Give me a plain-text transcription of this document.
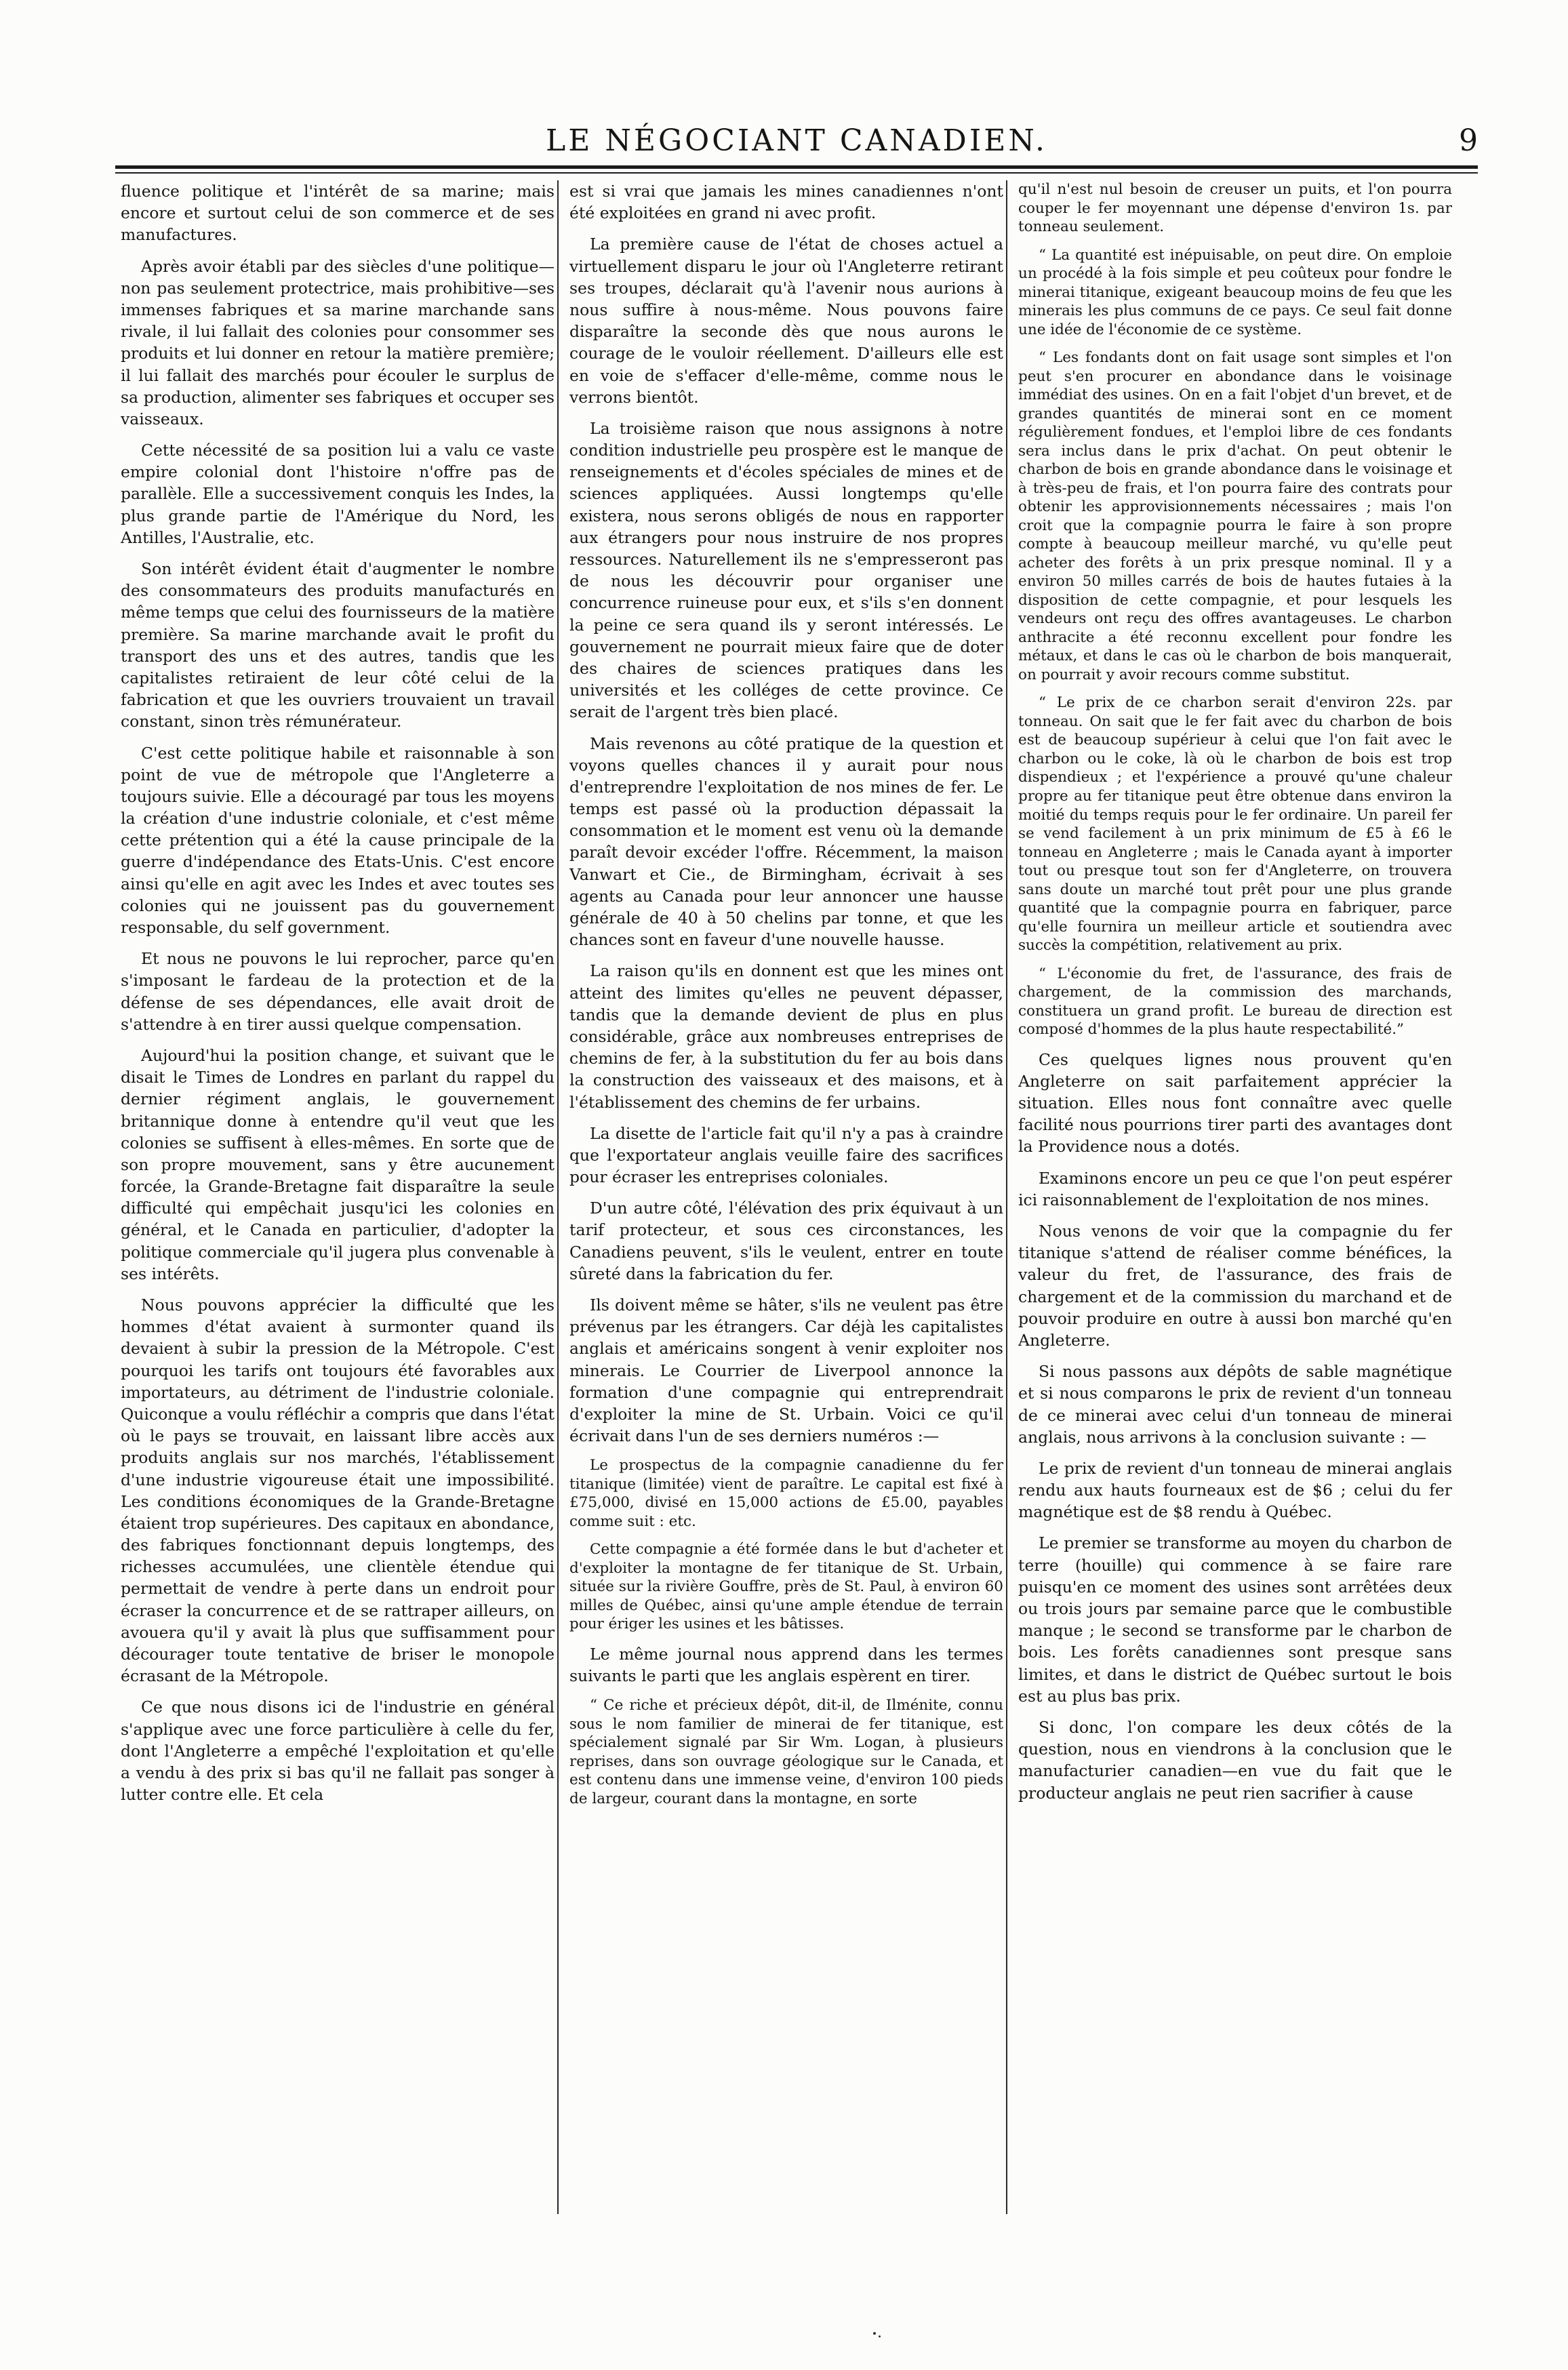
LE NÉGOCIANT CANADIEN.	9

fluence politique et l'intérêt de sa marine; mais encore et surtout celui de son commerce et de ses manufactures.

Après avoir établi par des siècles d'une politique—non pas seulement protectrice, mais prohibitive—ses immenses fabriques et sa marine marchande sans rivale, il lui fallait des colonies pour consommer ses produits et lui donner en retour la matière première; il lui fallait des marchés pour écouler le surplus de sa production, alimenter ses fabriques et occuper ses vaisseaux.

Cette nécessité de sa position lui a valu ce vaste empire colonial dont l'histoire n'offre pas de parallèle. Elle a successivement conquis les Indes, la plus grande partie de l'Amérique du Nord, les Antilles, l'Australie, etc.

Son intérêt évident était d'augmenter le nombre des consommateurs des produits manufacturés en même temps que celui des fournisseurs de la matière première. Sa marine marchande avait le profit du transport des uns et des autres, tandis que les capitalistes retiraient de leur côté celui de la fabrication et que les ouvriers trouvaient un travail constant, sinon très rémunérateur.

C'est cette politique habile et raisonnable à son point de vue de métropole que l'Angleterre a toujours suivie. Elle a découragé par tous les moyens la création d'une industrie coloniale, et c'est même cette prétention qui a été la cause principale de la guerre d'indépendance des Etats-Unis. C'est encore ainsi qu'elle en agit avec les Indes et avec toutes ses colonies qui ne jouissent pas du gouvernement responsable, du self government.

Et nous ne pouvons le lui reprocher, parce qu'en s'imposant le fardeau de la protection et de la défense de ses dépendances, elle avait droit de s'attendre à en tirer aussi quelque compensation.

Aujourd'hui la position change, et suivant que le disait le Times de Londres en parlant du rappel du dernier régiment anglais, le gouvernement britannique donne à entendre qu'il veut que les colonies se suffisent à elles-mêmes. En sorte que de son propre mouvement, sans y être aucunement forcée, la Grande-Bretagne fait disparaître la seule difficulté qui empêchait jusqu'ici les colonies en général, et le Canada en particulier, d'adopter la politique commerciale qu'il jugera plus convenable à ses intérêts.

Nous pouvons apprécier la difficulté que les hommes d'état avaient à surmonter quand ils devaient à subir la pression de la Métropole. C'est pourquoi les tarifs ont toujours été favorables aux importateurs, au détriment de l'industrie coloniale. Quiconque a voulu réfléchir a compris que dans l'état où le pays se trouvait, en laissant libre accès aux produits anglais sur nos marchés, l'établissement d'une industrie vigoureuse était une impossibilité. Les conditions économiques de la Grande-Bretagne étaient trop supérieures. Des capitaux en abondance, des fabriques fonctionnant depuis longtemps, des richesses accumulées, une clientèle étendue qui permettait de vendre à perte dans un endroit pour écraser la concurrence et de se rattraper ailleurs, on avouera qu'il y avait là plus que suffisamment pour décourager toute tentative de briser le monopole écrasant de la Métropole.

Ce que nous disons ici de l'industrie en général s'applique avec une force particulière à celle du fer, dont l'Angleterre a empêché l'exploitation et qu'elle a vendu à des prix si bas qu'il ne fallait pas songer à lutter contre elle. Et cela

est si vrai que jamais les mines canadiennes n'ont été exploitées en grand ni avec profit.

La première cause de l'état de choses actuel a virtuellement disparu le jour où l'Angleterre retirant ses troupes, déclarait qu'à l'avenir nous aurions à nous suffire à nous-même. Nous pouvons faire disparaître la seconde dès que nous aurons le courage de le vouloir réellement. D'ailleurs elle est en voie de s'effacer d'elle-même, comme nous le verrons bientôt.

La troisième raison que nous assignons à notre condition industrielle peu prospère est le manque de renseignements et d'écoles spéciales de mines et de sciences appliquées. Aussi longtemps qu'elle existera, nous serons obligés de nous en rapporter aux étrangers pour nous instruire de nos propres ressources. Naturellement ils ne s'empresseront pas de nous les découvrir pour organiser une concurrence ruineuse pour eux, et s'ils s'en donnent la peine ce sera quand ils y seront intéressés. Le gouvernement ne pourrait mieux faire que de doter des chaires de sciences pratiques dans les universités et les colléges de cette province. Ce serait de l'argent très bien placé.

Mais revenons au côté pratique de la question et voyons quelles chances il y aurait pour nous d'entreprendre l'exploitation de nos mines de fer. Le temps est passé où la production dépassait la consommation et le moment est venu où la demande paraît devoir excéder l'offre. Récemment, la maison Vanwart et Cie., de Birmingham, écrivait à ses agents au Canada pour leur annoncer une hausse générale de 40 à 50 chelins par tonne, et que les chances sont en faveur d'une nouvelle hausse.

La raison qu'ils en donnent est que les mines ont atteint des limites qu'elles ne peuvent dépasser, tandis que la demande devient de plus en plus considérable, grâce aux nombreuses entreprises de chemins de fer, à la substitution du fer au bois dans la construction des vaisseaux et des maisons, et à l'établissement des chemins de fer urbains.

La disette de l'article fait qu'il n'y a pas à craindre que l'exportateur anglais veuille faire des sacrifices pour écraser les entreprises coloniales.

D'un autre côté, l'élévation des prix équivaut à un tarif protecteur, et sous ces circonstances, les Canadiens peuvent, s'ils le veulent, entrer en toute sûreté dans la fabrication du fer.

Ils doivent même se hâter, s'ils ne veulent pas être prévenus par les étrangers. Car déjà les capitalistes anglais et américains songent à venir exploiter nos minerais. Le Courrier de Liverpool annonce la formation d'une compagnie qui entreprendrait d'exploiter la mine de St. Urbain. Voici ce qu'il écrivait dans l'un de ses derniers numéros :—

Le prospectus de la compagnie canadienne du fer titanique (limitée) vient de paraître. Le capital est fixé à £75,000, divisé en 15,000 actions de £5.00, payables comme suit : etc.

Cette compagnie a été formée dans le but d'acheter et d'exploiter la montagne de fer titanique de St. Urbain, située sur la rivière Gouffre, près de St. Paul, à environ 60 milles de Québec, ainsi qu'une ample étendue de terrain pour ériger les usines et les bâtisses.

Le même journal nous apprend dans les termes suivants le parti que les anglais espèrent en tirer.

“ Ce riche et précieux dépôt, dit-il, de Ilménite, connu sous le nom familier de minerai de fer titanique, est spécialement signalé par Sir Wm. Logan, à plusieurs reprises, dans son ouvrage géologique sur le Canada, et est contenu dans une immense veine, d'environ 100 pieds de largeur, courant dans la montagne, en sorte

qu'il n'est nul besoin de creuser un puits, et l'on pourra couper le fer moyennant une dépense d'environ 1s. par tonneau seulement.

“ La quantité est inépuisable, on peut dire. On emploie un procédé à la fois simple et peu coûteux pour fondre le minerai titanique, exigeant beaucoup moins de feu que les minerais les plus communs de ce pays. Ce seul fait donne une idée de l'économie de ce système.

“ Les fondants dont on fait usage sont simples et l'on peut s'en procurer en abondance dans le voisinage immédiat des usines. On en a fait l'objet d'un brevet, et de grandes quantités de minerai sont en ce moment régulièrement fondues, et l'emploi libre de ces fondants sera inclus dans le prix d'achat. On peut obtenir le charbon de bois en grande abondance dans le voisinage et à très-peu de frais, et l'on pourra faire des contrats pour obtenir les approvisionnements nécessaires ; mais l'on croit que la compagnie pourra le faire à son propre compte à beaucoup meilleur marché, vu qu'elle peut acheter des forêts à un prix presque nominal. Il y a environ 50 milles carrés de bois de hautes futaies à la disposition de cette compagnie, et pour lesquels les vendeurs ont reçu des offres avantageuses. Le charbon anthracite a été reconnu excellent pour fondre les métaux, et dans le cas où le charbon de bois manquerait, on pourrait y avoir recours comme substitut.

“ Le prix de ce charbon serait d'environ 22s. par tonneau. On sait que le fer fait avec du charbon de bois est de beaucoup supérieur à celui que l'on fait avec le charbon ou le coke, là où le charbon de bois est trop dispendieux ; et l'expérience a prouvé qu'une chaleur propre au fer titanique peut être obtenue dans environ la moitié du temps requis pour le fer ordinaire. Un pareil fer se vend facilement à un prix minimum de £5 à £6 le tonneau en Angleterre ; mais le Canada ayant à importer tout ou presque tout son fer d'Angleterre, on trouvera sans doute un marché tout prêt pour une plus grande quantité que la compagnie pourra en fabriquer, parce qu'elle fournira un meilleur article et soutiendra avec succès la compétition, relativement au prix.

“ L'économie du fret, de l'assurance, des frais de chargement, de la commission des marchands, constituera un grand profit. Le bureau de direction est composé d'hommes de la plus haute respectabilité.”

Ces quelques lignes nous prouvent qu'en Angleterre on sait parfaitement apprécier la situation. Elles nous font connaître avec quelle facilité nous pourrions tirer parti des avantages dont la Providence nous a dotés.

Examinons encore un peu ce que l'on peut espérer ici raisonnablement de l'exploitation de nos mines.

Nous venons de voir que la compagnie du fer titanique s'attend de réaliser comme bénéfices, la valeur du fret, de l'assurance, des frais de chargement et de la commission du marchand et de pouvoir produire en outre à aussi bon marché qu'en Angleterre.

Si nous passons aux dépôts de sable magnétique et si nous comparons le prix de revient d'un tonneau de ce minerai avec celui d'un tonneau de minerai anglais, nous arrivons à la conclusion suivante : —

Le prix de revient d'un tonneau de minerai anglais rendu aux hauts fourneaux est de $6 ; celui du fer magnétique est de $8 rendu à Québec.

Le premier se transforme au moyen du charbon de terre (houille) qui commence à se faire rare puisqu'en ce moment des usines sont arrêtées deux ou trois jours par semaine parce que le combustible manque ; le second se transforme par le charbon de bois. Les forêts canadiennes sont presque sans limites, et dans le district de Québec surtout le bois est au plus bas prix.

Si donc, l'on compare les deux côtés de la question, nous en viendrons à la conclusion que le manufacturier canadien—en vue du fait que le producteur anglais ne peut rien sacrifier à cause
